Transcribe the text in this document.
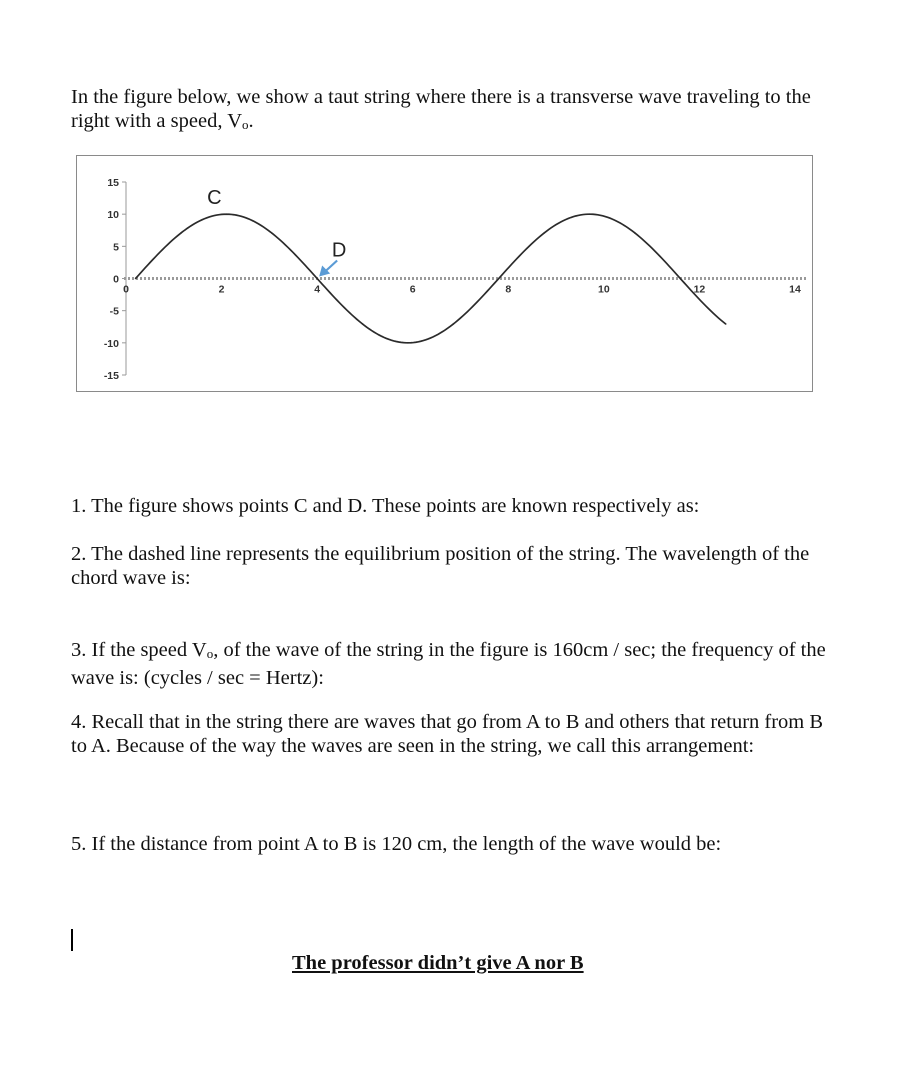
In the figure below, we show a taut string where there is a transverse wave traveling to the right with a speed, Vo.

15
10
5
0
-5
-10
-15
0	2	4	6	8	10	12	14
C
D

1. The figure shows points C and D. These points are known respectively as:

2. The dashed line represents the equilibrium position of the string. The wavelength of the chord wave is:

3. If the speed Vo, of the wave of the string in the figure is 160cm / sec; the frequency of the wave is: (cycles / sec = Hertz):

4. Recall that in the string there are waves that go from A to B and others that return from B to A. Because of the way the waves are seen in the string, we call this arrangement:

5. If the distance from point A to B is 120 cm, the length of the wave would be:

The professor didn’t give A nor B
